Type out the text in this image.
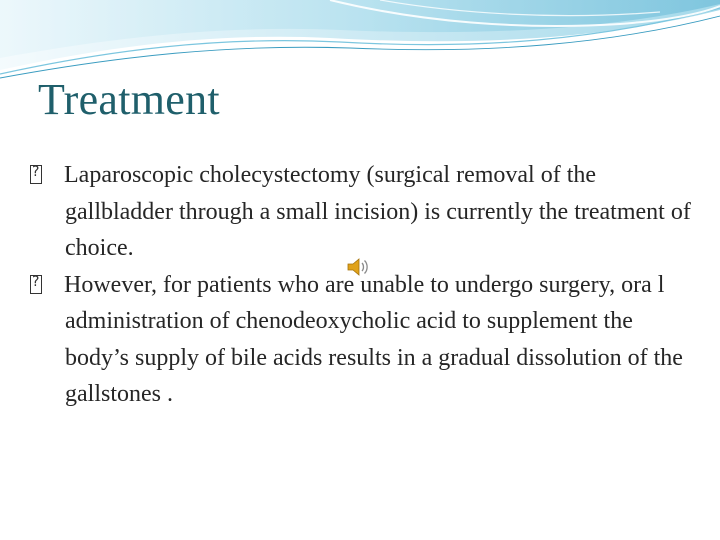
Treatment
?
Laparoscopic cholecystectomy (surgical removal of the gallbladder through a small incision) is currently the treatment of choice.
?
However, for patients who are unable to undergo surgery, ora l administration of chenodeoxycholic acid to supplement the body’s supply of bile acids results in a gradual dissolution of the gallstones .
